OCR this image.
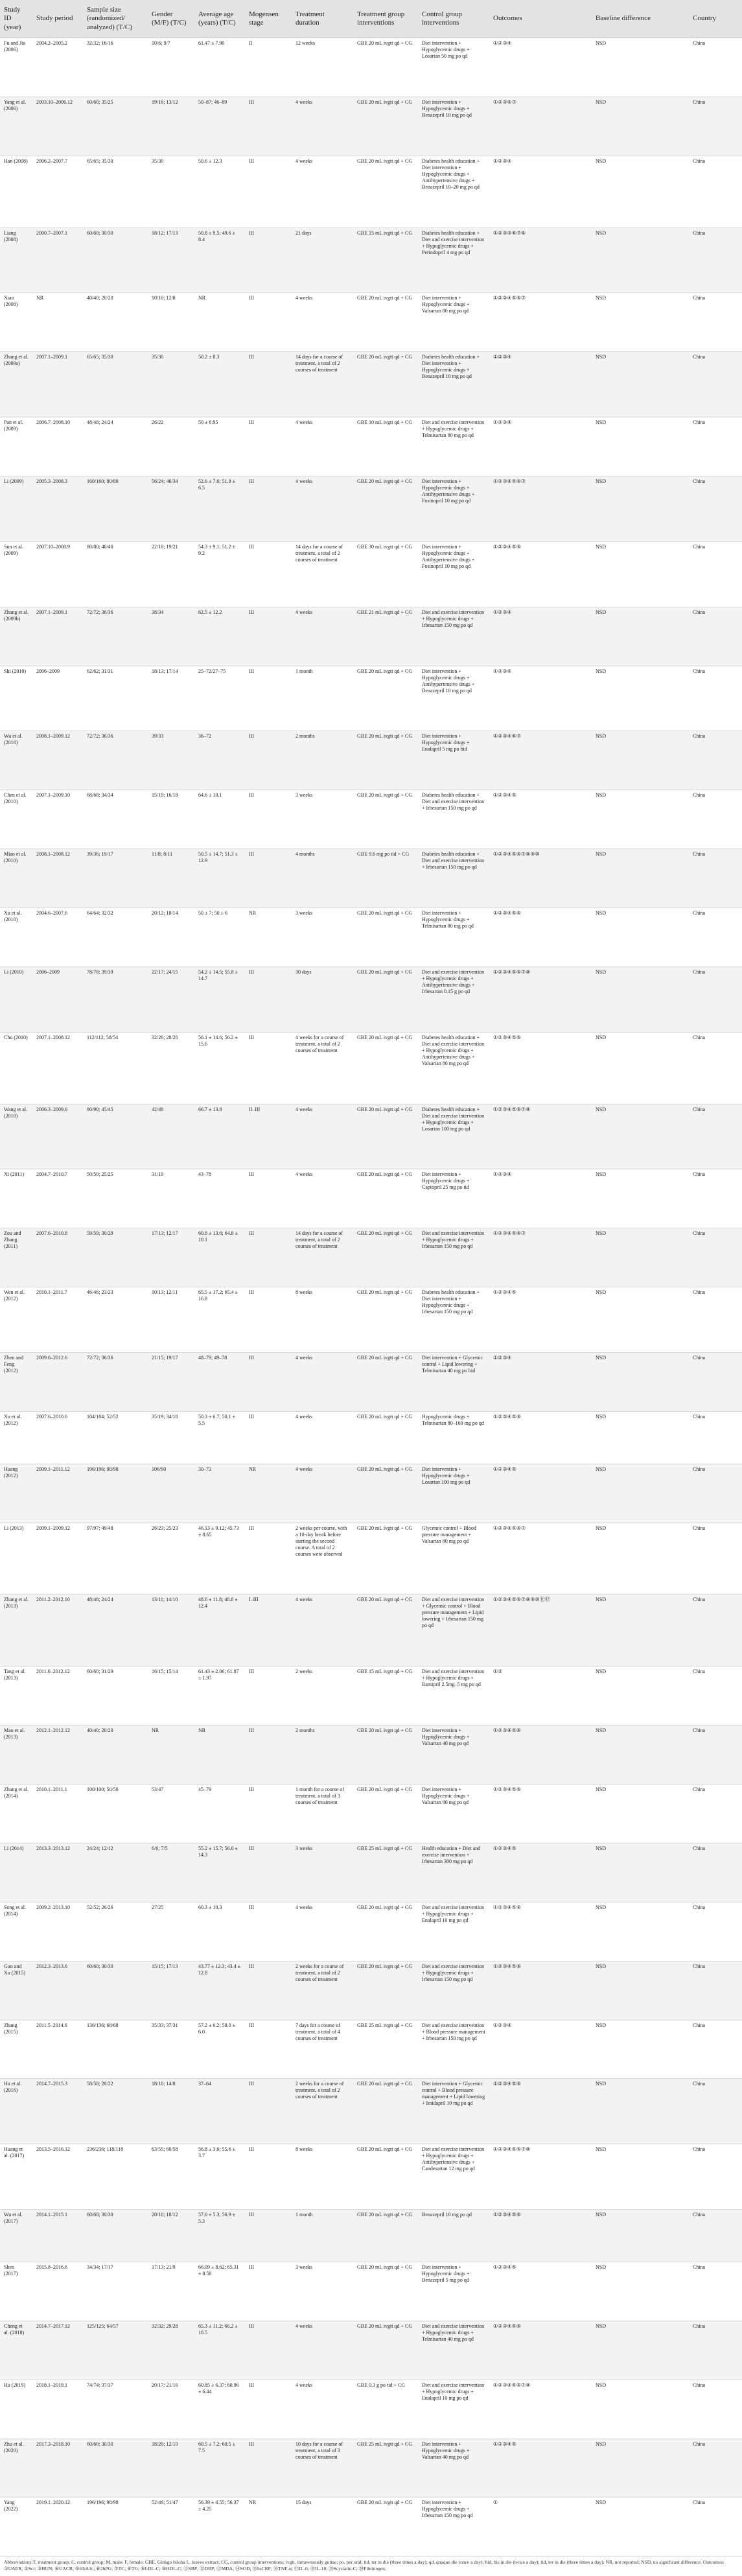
Study ID (year)	Study period	Sample size (randomized/ analyzed) (T/C)	Gender (M/F) (T/C)	Average age (years) (T/C)	Mogensen stage	Treatment duration	Treatment group interventions	Control group interventions	Outcomes	Baseline difference	Country
Fu and Jia (2006)	2004.2–2005.2	32/32; 16/16	10/6; 9/7	61.47 ± 7.90	II	12 weeks	GBE 20 mL ivgtt qd + CG	Diet intervention + Hypoglycemic drugs + Losartan 50 mg po qd	①②③④	NSD	China
Yang et al. (2006)	2003.10–2006.12	60/60; 35/25	19/16; 13/12	50–87; 46–89	III	4 weeks	GBE 20 mL ivgtt qd + CG	Diet intervention + Hypoglycemic drugs + Benazepril 10 mg po qd	①②③⑥⑦	NSD	China
Han (2008)	2006.2–2007.7	65/65; 35/30	35/30	50.6 ± 12.3	III	4 weeks	GBE 20 mL ivgtt qd + CG	Diabetes health education + Diet intervention + Hypoglycemic drugs + Antihypertensive drugs + Benazepril 10–20 mg po qd	①②③④	NSD	China
Liang (2008)	2000.7–2007.1	60/60; 30/30	18/12; 17/13	50.8 ± 9.5; 49.6 ± 8.4	III	21 days	GBE 15 mL ivgtt qd + CG	Diabetes health education + Diet and exercise intervention + Hypoglycemic drugs + Perindopril 4 mg po qd	①②③⑤⑥⑦⑧	NSD	China
Xiao (2008)	NR	40/40; 20/20	10/10; 12/8	NR	III	4 weeks	GBE 20 mL ivgtt qd + CG	Diet intervention + Hypoglycemic drugs + Valsartan 80 mg po qd	①②③④⑤⑥⑦	NSD	China
Zhang et al. (2009a)	2007.1–2009.1	65/65; 35/30	35/30	50.2 ± 8.3	III	14 days for a course of treatment, a total of 2 courses of treatment	GBE 20 mL ivgtt qd + CG	Diabetes health education + Diet intervention + Hypoglycemic drugs + Benazepril 10 mg po qd	①②③④	NSD	China
Pan et al. (2009)	2006.7–2008.10	48/48; 24/24	26/22	50 ± 8.95	III	4 weeks	GBE 10 mL ivgtt qd + CG	Diet and exercise intervention + Hypoglycemic drugs + Telmisartan 80 mg po qd	①②③④	NSD	China
Li (2009)	2005.3–2008.3	160/160; 80/80	56/24; 46/34	52.6 ± 7.6; 51.8 ± 6.5	III	4 weeks	GBE 20 mL ivgtt qd + CG	Diet intervention + Hypoglycemic drugs + Antihypertensive drugs + Fosinopril 10 mg po qd	①②③④⑤⑥⑦	NSD	China
Sun et al. (2009)	2007.10–2008.9	80/80; 40/40	22/18; 19/21	54.3 ± 9.1; 51.2 ± 9.2	III	14 days for a course of treatment, a total of 2 courses of treatment	GBE 30 mL ivgtt qd + CG	Diet intervention + Hypoglycemic drugs + Antihypertensive drugs + Fosinopril 10 mg po qd	①②③④⑤⑥	NSD	China
Zhang et al. (2009b)	2007.1–2009.1	72/72; 36/36	38/34	62.5 ± 12.2	III	4 weeks	GBE 21 mL ivgtt qd + CG	Diet and exercise intervention + Hypoglycemic drugs + Irbesartan 150 mg po qd	①②③④	NSD	China
Shi (2010)	2006–2009	62/62; 31/31	18/13; 17/14	25–72/27–75	III	1 month	GBE 20 mL ivgtt qd + CG	Diet intervention + Hypoglycemic drugs + Antihypertensive drugs + Benazepril 10 mg po qd	①②③⑥	NSD	China
Wu et al. (2010)	2008.1–2009.12	72/72; 36/36	39/33	36–72	III	2 months	GBE 20 mL ivgtt qd + CG	Diet intervention + Hypoglycemic drugs + Enalapril 5 mg po bid	①②③④⑥⑦	NSD	China
Chen et al. (2010)	2007.1–2009.10	68/68; 34/34	15/19; 16/18	64.6 ± 10.1	III	3 weeks	GBE 20 mL ivgtt qd + CG	Diabetes health education + Diet and exercise intervention + Irbesartan 150 mg po qd	①②③④⑤	NSD	China
Miao et al. (2010)	2008.1–2008.12	39/36; 19/17	11/8; 8/11	50.5 ± 14.7; 51.3 ± 12.9	III	4 months	GBE 9.6 mg po tid + CG	Diabetes health education + Diet and exercise intervention + Irbesartan 150 mg po qd	①②③④⑤⑥⑦⑧⑨⑩	NSD	China
Xu et al. (2010)	2004.6–2007.6	64/64; 32/32	20/12; 18/14	50 ± 7; 50 ± 6	NR	3 weeks	GBE 20 mL ivgtt qd + CG	Diet intervention + Hypoglycemic drugs + Telmisartan 80 mg po qd	①②③④⑤⑥	NSD	China
Li (2010)	2006–2009	78/78; 39/39	22/17; 24/15	54.2 ± 14.5; 55.8 ± 14.7	III	30 days	GBE 20 mL ivgtt qd + CG	Diet and exercise intervention + Hypoglycemic drugs + Antihypertensive drugs + Irbesartan 0.15 g po qd	①②③④⑤⑥⑦⑧	NSD	China
Chu (2010)	2007.1–2008.12	112/112; 58/54	32/26; 28/26	56.1 ± 14.6; 56.2 ± 15.6	III	4 weeks for a course of treatment, a total of 2 courses of treatment	GBE 20 mL ivgtt qd + CG	Diabetes health education + Diet and exercise intervention + Hypoglycemic drugs + Antihypertensive drugs + Valsartan 80 mg po qd	①②③④⑤⑥	NSD	China
Wang et al. (2010)	2006.3–2009.6	90/90; 45/45	42/48	66.7 ± 13.8	II–III	4 weeks	GBE 20 mL ivgtt qd + CG	Diabetes health education + Diet and exercise intervention + Hypoglycemic drugs + Losartan 100 mg po qd	①②③④⑤⑥⑦⑧	NSD	China
Xi (2011)	2004.7–2010.7	50/50; 25/25	31/19	43–78	III	4 weeks	GBE 20 mL ivgtt qd + CG	Diet intervention + Hypoglycemic drugs + Captopril 25 mg po tid	①②③④	NSD	China
Zou and Zhang (2011)	2007.6–2010.8	59/59; 30/29	17/13; 12/17	60.8 ± 13.6; 64.8 ± 10.1	III	14 days for a course of treatment, a total of 2 courses of treatment	GBE 20 mL ivgtt qd + CG	Diet and exercise intervention + Hypoglycemic drugs + Irbesartan 150 mg po qd	①②③④⑤⑥⑦	NSD	China
Wen et al. (2012)	2010.1–2011.7	46/46; 23/23	10/13; 12/11	65.5 ± 17.2; 65.4 ± 16.8	III	8 weeks	GBE 20 mL ivgtt qd + CG	Diabetes health education + Diet intervention + Hypoglycemic drugs + Irbesartan 150 mg po qd	①②③④⑤	NSD	China
Zhen and Feng (2012)	2009.6–2012.6	72/72; 36/36	21/15; 19/17	48–79; 49–78	III	4 weeks	GBE 20 mL ivgtt qd + CG	Diet intervention + Glycemic control + Lipid lowering + Telmisartan 40 mg po bid	①②③④	NSD	China
Xu et al. (2012)	2007.6–2010.6	104/104; 52/52	35/19; 34/18	50.3 ± 6.7; 50.1 ± 5.5	III	4 weeks	GBE 20 mL ivgtt qd + CG	Hypoglycemic drugs + Telmisartan 80–160 mg po qd	①②③④⑤⑥	NSD	China
Huang (2012)	2009.1–2011.12	196/196; 98/98	106/90	30–73	NR	4 weeks	GBE 20 mL ivgtt qd + CG	Diet intervention + Hypoglycemic drugs + Losartan 100 mg po qd	①②③④⑤	NSD	China
Li (2013)	2009.1–2009.12	97/97; 49/48	26/23; 25/23	46.13 ± 9.12; 45.73 ± 8.65	III	2 weeks per course, with a 10-day break before starting the second course. A total of 2 courses were observed	GBE 20 mL ivgtt qd + CG	Glycemic control + Blood pressure management + Valsartan 80 mg po qd	①②③④⑤⑥⑦	NSD	China
Zhang et al. (2013)	2011.2–2012.10	48/48; 24/24	13/11; 14/10	48.6 ± 11.8; 48.8 ± 12.4	I–III	4 weeks	GBE 20 mL ivgtt qd + CG	Diet and exercise intervention + Glycemic control + Blood pressure management + Lipid lowering + Irbesartan 150 mg po qd	①②③④⑤⑥⑦⑧⑨⑩⑪⑫	NSD	China
Tang et al. (2013)	2011.6–2012.12	60/60; 31/29	16/15; 15/14	61.43 ± 2.06; 61.87 ± 1.97	III	2 weeks	GBE 15 mL ivgtt qd + CG	Diet and exercise intervention + Hypoglycemic drugs + Ramipril 2.5mg–5 mg po qd	①②	NSD	China
Mao et al. (2013)	2012.1–2012.12	40/40; 20/20	NR	NR	III	2 months	GBE 20 mL ivgtt qd + CG	Diet intervention + Hypoglycemic drugs + Valsartan 40 mg po qd	①②③④⑤⑥	NSD	China
Zhang et al. (2014)	2010.1–2011.1	100/100; 50/50	53/47	45–79	III	1 month for a course of treatment, a total of 3 courses of treatment	GBE 20 mL ivgtt qd + CG	Diet intervention + Hypoglycemic drugs + Valsartan 80 mg po qd	①②③④⑤⑥	NSD	China
Li (2014)	2013.3–2013.12	24/24; 12/12	6/6; 7/5	55.2 ± 15.7; 56.0 ± 14.3	III	3 weeks	GBE 25 mL ivgtt qd + CG	Health education + Diet and exercise intervention + Irbesartan 300 mg po qd	①②③④⑤	NSD	China
Song et al. (2014)	2009.2–2013.10	52/52; 26/26	27/25	60.3 ± 10.3	III	4 weeks	GBE 20 mL ivgtt qd + CG	Diet and exercise intervention + Hypoglycemic drugs + Enalapril 10 mg po qd	①②③④⑤⑥	NSD	China
Guo and Xu (2015)	2012.3–2013.6	60/60; 30/30	15/15; 17/13	43.77 ± 12.3; 43.4 ± 12.8	III	2 weeks for a course of treatment, a total of 2 courses of treatment	GBE 20 mL ivgtt qd + CG	Diet and exercise intervention + Hypoglycemic drugs + Irbesartan 150 mg po qd	①②③④⑤⑥	NSD	China
Zhang (2015)	2011.5–2014.6	136/136; 68/68	35/33; 37/31	57.2 ± 6.2; 58.0 ± 6.0	III	7 days for a course of treatment, a total of 4 courses of treatment	GBE 25 mL ivgtt qd + CG	Diet and exercise intervention + Blood pressure management + Irbesartan 150 mg po qd	①②③④	NSD	China
Hu et al. (2016)	2014.7–2015.3	58/58; 28/22	18/10; 14/8	37–64	III	2 weeks for a course of treatment, a total of 2 courses of treatment	GBE 20 mL ivgtt qd + CG	Diet intervention + Glycemic control + Blood pressure management + Lipid lowering + Imidapril 10 mg po qd	①②③④⑤⑥	NSD	China
Huang et al. (2017)	2013.5–2016.12	236/236; 118/118	63/55; 60/58	56.8 ± 3.6; 55.6 ± 3.7	III	8 weeks	GBE 20 mL ivgtt qd + CG	Diet and exercise intervention + Hypoglycemic drugs + Antihypertensive drugs + Candesartan 12 mg po qd	①②③④⑤⑥⑦⑧	NSD	China
Wu et al. (2017)	2014.1–2015.1	60/60; 30/30	20/10; 18/12	57.6 ± 5.3; 56.9 ± 5.3	III	1 month	GBE 20 mL ivgtt qd + CG	Benazepril 10 mg po qd	①②③④⑤⑥	NSD	China
Shen (2017)	2015.8–2016.6	34/34; 17/17	17/13; 21/9	66.09 ± 8.62; 65.31 ± 8.58	III	3 weeks	GBE 20 mL ivgtt qd + CG	Diet intervention + Hypoglycemic drugs + Benazepril 5 mg po qd	①②③④⑤	NSD	China
Cheng et al. (2018)	2014.7–2017.12	125/125; 64/57	32/32; 29/28	65.3 ± 11.2; 66.2 ± 10.5	III	4 weeks	GBE 20 mL ivgtt qd + CG	Diet and exercise intervention + Hypoglycemic drugs + Telmisartan 40 mg po qd	①②③④⑤⑥	NSD	China
Hu (2019)	2018.1–2019.1	74/74; 37/37	20/17; 21/16	60.85 ± 6.37; 60.96 ± 6.44	III	4 weeks	GBE 0.3 g po tid + CG	Diet and exercise intervention + Hypoglycemic drugs + Enalapril 10 mg po qd	①②③④⑤⑥⑦⑧	NSD	China
Zhu et al. (2020)	2017.3–2018.10	60/60; 30/30	18/20; 12/10	60.5 ± 7.2; 60.5 ± 7.5	III	10 days for a course of treatment, a total of 3 courses of treatment	GBE 25 mL ivgtt qd + CG	Diet intervention + Hypoglycemic drugs + Valsartan 40 mg po qd	①②③④⑤	NSD	China
Yang (2022)	2019.1–2020.12	196/196; 98/98	52/46; 51/47	56.39 ± 4.55; 56.37 ± 4.25	NR	15 days	GBE 20 mL ivgtt qd + CG	Diet intervention + Hypoglycemic drugs + Irbesartan 150 mg po qd	①	NSD	China
Abbreviations:T, treatment group; C, control group; M, male; F, female; GBE, Ginkgo biloba L. leaves extract; CG, control group interventions; ivgtt, intravenously guttae; po, per oral; tid, ter in die (three times a day); qd, quaque die (once a day); bid, bis in die (twice a day); tid, ter in die (three times a day); NR, not reported; NSD, no significant difference. Outcomes: ①UAER; ②Scr; ③BUN; ④UACR; ⑤HbA1c; ⑥2hPG; ⑦TC; ⑧TG; ⑨LDL-C; ⑩HDL-C; ⑪SBP; ⑫DBP; ⑬MDA; ⑭SOD; ⑮hsCRP; ⑯TNF-α; ⑰IL-6; ⑱IL-18; ⑲Scystatin-C; ⑳Fibrinogen.											
